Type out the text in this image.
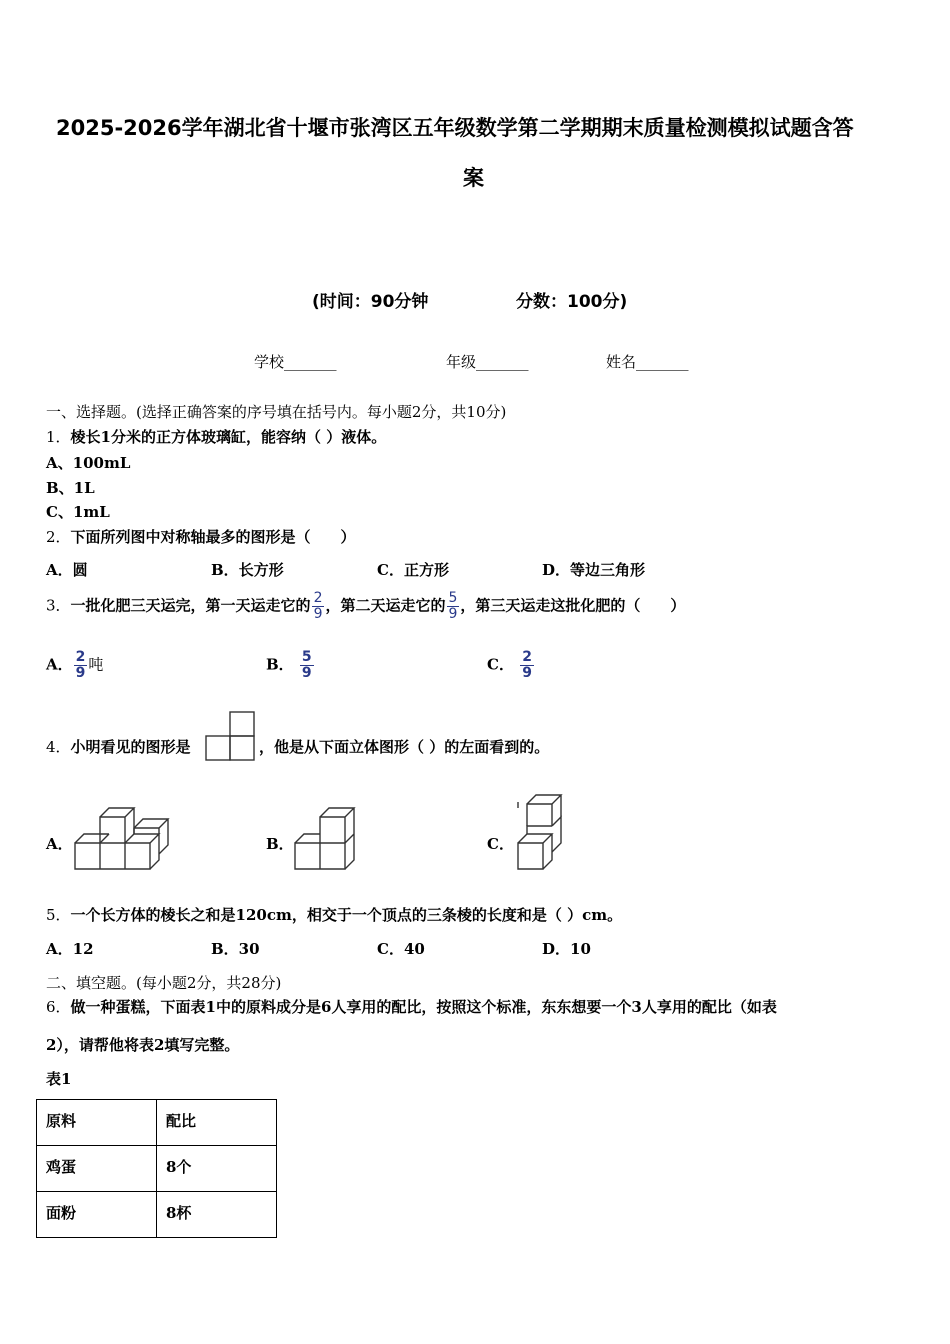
2025-2026学年湖北省十堰市张湾区五年级数学第二学期期末质量检测模拟试题含答
案
(时间：90分钟	分数：100分)
学校_______	年级_______	姓名_______
一、选择题。(选择正确答案的序号填在括号内。每小题2分，共10分)
1．棱长1分米的正方体玻璃缸，能容纳（ ）液体。
A、100mL
B、1L
C、1mL
2．下面所列图中对称轴最多的图形是（　　）
A．圆	B．长方形	C．正方形	D．等边三角形
3．一批化肥三天运完，第一天运走它的 $\frac{2}{9}$ ，第二天运走它的 $\frac{5}{9}$ ，第三天运走这批化肥的（　　）
A． $\frac{2}{9}$ 吨	B． $\frac{5}{9}$	C． $\frac{2}{9}$
4．小明看见的图形是	，他是从下面立体图形（ ）的左面看到的。
A．	B．	C．
5．一个长方体的棱长之和是120cm，相交于一个顶点的三条棱的长度和是（ ）cm。
A．12	B．30	C．40	D．10
二、填空题。(每小题2分，共28分)
6．做一种蛋糕，下面表1中的原料成分是6人享用的配比，按照这个标准，东东想要一个3人享用的配比（如表
2），请帮他将表2填写完整。
表1
原料	配比
鸡蛋	8个
面粉	8杯
